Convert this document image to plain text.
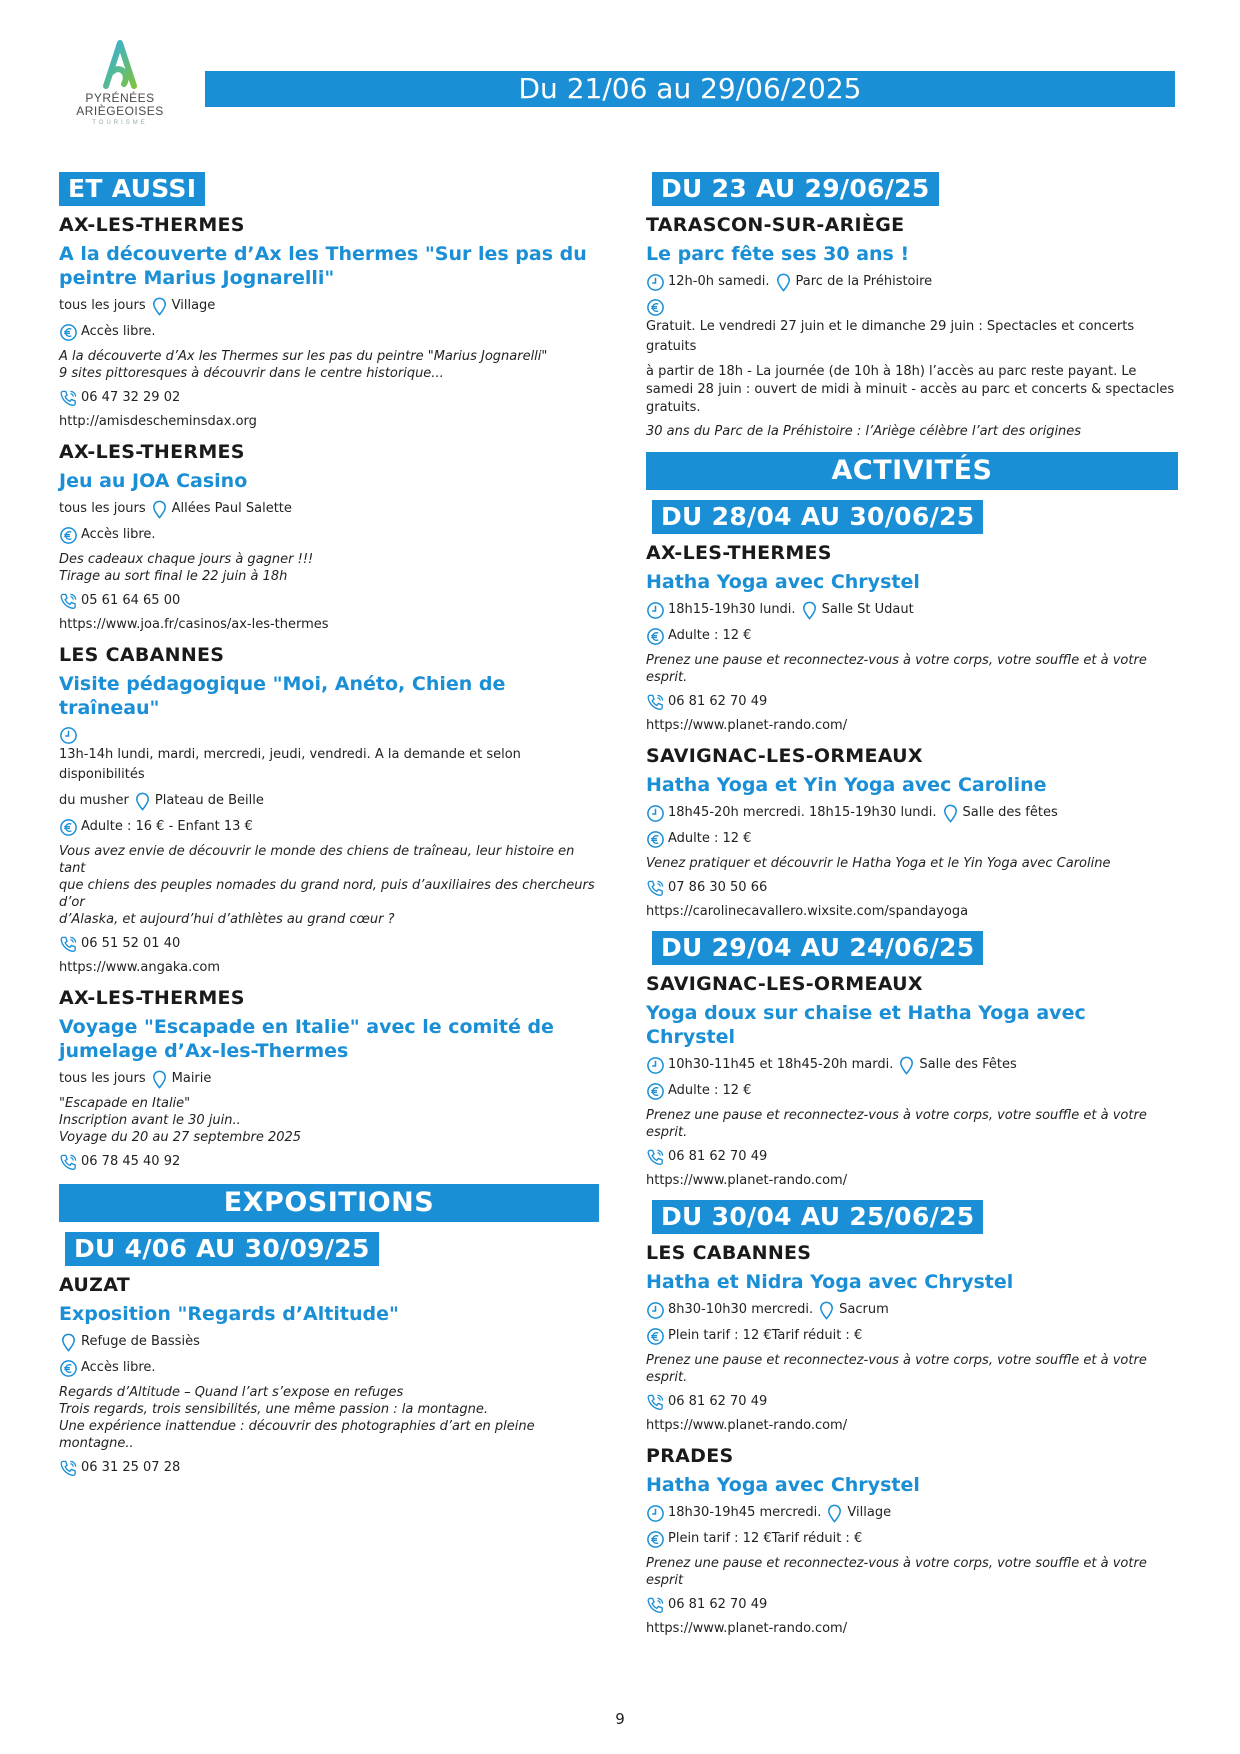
PYRÉNÉES
ARIÈGEOISES
TOURISME
Du 21/06 au 29/06/2025
ET AUSSI
AX-LES-THERMES
A la découverte d’Ax les Thermes "Sur les pas du peintre Marius Jognarelli"
tous les jours Village
Accès libre.
A la découverte d’Ax les Thermes sur les pas du peintre "Marius Jognarelli"
9 sites pittoresques à découvrir dans le centre historique...
06 47 32 29 02
http://amisdescheminsdax.org
AX-LES-THERMES
Jeu au JOA Casino
tous les jours Allées Paul Salette
Accès libre.
Des cadeaux chaque jours à gagner !!!
Tirage au sort final le 22 juin à 18h
05 61 64 65 00
https://www.joa.fr/casinos/ax-les-thermes
LES CABANNES
Visite pédagogique "Moi, Anéto, Chien de traîneau"
13h-14h lundi, mardi, mercredi, jeudi, vendredi. A la demande et selon disponibilités
du musher Plateau de Beille
Adulte : 16 € - Enfant 13 €
Vous avez envie de découvrir le monde des chiens de traîneau, leur histoire en tant
que chiens des peuples nomades du grand nord, puis d’auxiliaires des chercheurs d’or
d’Alaska, et aujourd’hui d’athlètes au grand cœur ?
06 51 52 01 40
https://www.angaka.com
AX-LES-THERMES
Voyage "Escapade en Italie" avec le comité de jumelage d’Ax-les-Thermes
tous les jours Mairie
"Escapade en Italie"
Inscription avant le 30 juin..
Voyage du 20 au 27 septembre 2025
06 78 45 40 92
EXPOSITIONS
DU 4/06 AU 30/09/25
AUZAT
Exposition "Regards d’Altitude"
Refuge de Bassiès
Accès libre.
Regards d’Altitude – Quand l’art s’expose en refuges
Trois regards, trois sensibilités, une même passion : la montagne.
Une expérience inattendue : découvrir des photographies d’art en pleine montagne..
06 31 25 07 28
DU 23 AU 29/06/25
TARASCON-SUR-ARIÈGE
Le parc fête ses 30 ans !
12h-0h samedi. Parc de la Préhistoire
Gratuit. Le vendredi 27 juin et le dimanche 29 juin : Spectacles et concerts gratuits
à partir de 18h - La journée (de 10h à 18h) l’accès au parc reste payant. Le samedi 28 juin : ouvert de midi à minuit - accès au parc et concerts & spectacles gratuits.
30 ans du Parc de la Préhistoire : l’Ariège célèbre l’art des origines
ACTIVITÉS
DU 28/04 AU 30/06/25
AX-LES-THERMES
Hatha Yoga avec Chrystel
18h15-19h30 lundi. Salle St Udaut
Adulte : 12 €
Prenez une pause et reconnectez-vous à votre corps, votre souffle et à votre esprit.
06 81 62 70 49
https://www.planet-rando.com/
SAVIGNAC-LES-ORMEAUX
Hatha Yoga et Yin Yoga avec Caroline
18h45-20h mercredi. 18h15-19h30 lundi. Salle des fêtes
Adulte : 12 €
Venez pratiquer et découvrir le Hatha Yoga et le Yin Yoga avec Caroline
07 86 30 50 66
https://carolinecavallero.wixsite.com/spandayoga
DU 29/04 AU 24/06/25
SAVIGNAC-LES-ORMEAUX
Yoga doux sur chaise et Hatha Yoga avec Chrystel
10h30-11h45 et 18h45-20h mardi. Salle des Fêtes
Adulte : 12 €
Prenez une pause et reconnectez-vous à votre corps, votre souffle et à votre esprit.
06 81 62 70 49
https://www.planet-rando.com/
DU 30/04 AU 25/06/25
LES CABANNES
Hatha et Nidra Yoga avec Chrystel
8h30-10h30 mercredi. Sacrum
Plein tarif : 12 €Tarif réduit : €
Prenez une pause et reconnectez-vous à votre corps, votre souffle et à votre esprit.
06 81 62 70 49
https://www.planet-rando.com/
PRADES
Hatha Yoga avec Chrystel
18h30-19h45 mercredi. Village
Plein tarif : 12 €Tarif réduit : €
Prenez une pause et reconnectez-vous à votre corps, votre souffle et à votre esprit
06 81 62 70 49
https://www.planet-rando.com/
9
